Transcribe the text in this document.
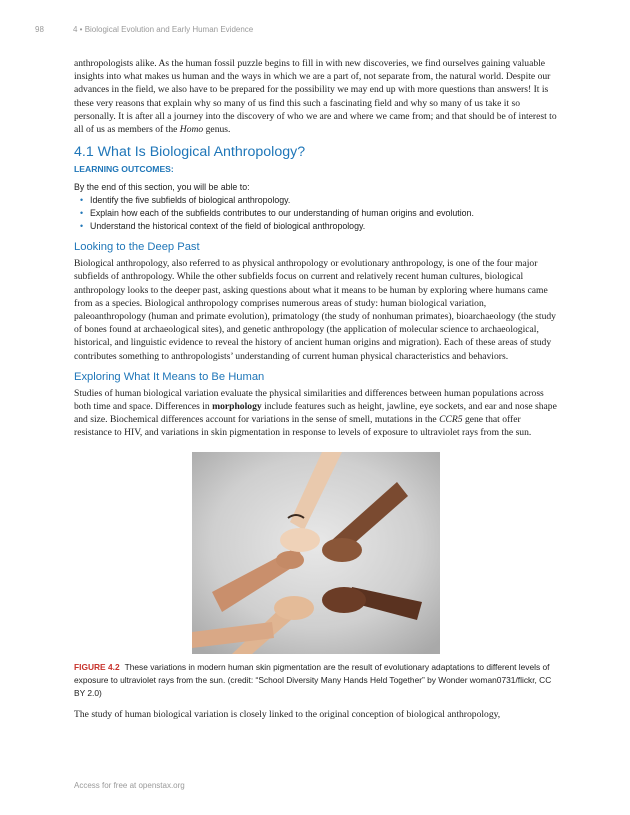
98	4 • Biological Evolution and Early Human Evidence

anthropologists alike. As the human fossil puzzle begins to fill in with new discoveries, we find ourselves gaining valuable insights into what makes us human and the ways in which we are a part of, not separate from, the natural world. Despite our advances in the field, we also have to be prepared for the possibility we may end up with more questions than answers! It is these very reasons that explain why so many of us find this such a fascinating field and why so many of us take it so personally. It is after all a journey into the discovery of who we are and where we came from; and that should be of interest to all of us as members of the Homo genus.

4.1 What Is Biological Anthropology?
LEARNING OUTCOMES:
By the end of this section, you will be able to:
• Identify the five subfields of biological anthropology.
• Explain how each of the subfields contributes to our understanding of human origins and evolution.
• Understand the historical context of the field of biological anthropology.
Looking to the Deep Past

Biological anthropology, also referred to as physical anthropology or evolutionary anthropology, is one of the four major subfields of anthropology. While the other subfields focus on current and relatively recent human cultures, biological anthropology looks to the deeper past, asking questions about what it means to be human by exploring where humans came from as a species. Biological anthropology comprises numerous areas of study: human biological variation, paleoanthropology (human and primate evolution), primatology (the study of nonhuman primates), bioarchaeology (the study of bones found at archaeological sites), and genetic anthropology (the application of molecular science to archaeological, historical, and linguistic evidence to reveal the history of ancient human origins and migration). Each of these areas of study contributes something to anthropologists’ understanding of current human physical characteristics and behaviors.

Exploring What It Means to Be Human

Studies of human biological variation evaluate the physical similarities and differences between human populations across both time and space. Differences in morphology include features such as height, jawline, eye sockets, and ear and nose shape and size. Biochemical differences account for variations in the sense of smell, mutations in the CCR5 gene that offer resistance to HIV, and variations in skin pigmentation in response to levels of exposure to ultraviolet rays from the sun.

FIGURE 4.2 These variations in modern human skin pigmentation are the result of evolutionary adaptations to different levels of exposure to ultraviolet rays from the sun. (credit: “School Diversity Many Hands Held Together” by Wonder woman0731/flickr, CC BY 2.0)

The study of human biological variation is closely linked to the original conception of biological anthropology,

Access for free at openstax.org
